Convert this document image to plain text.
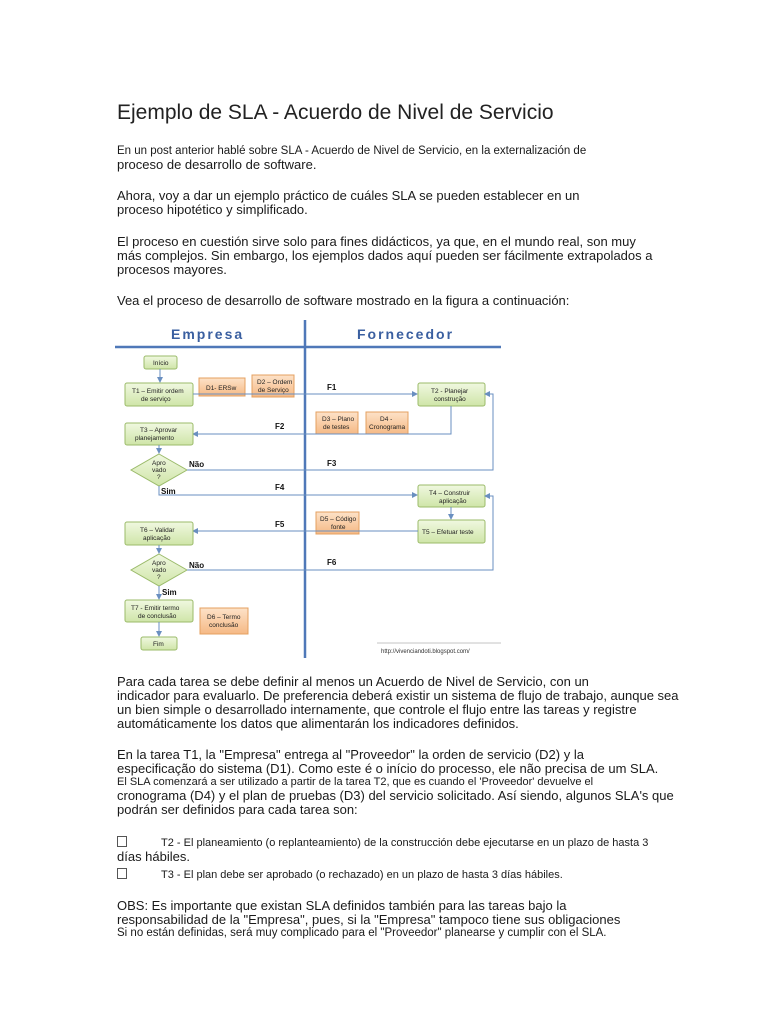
Ejemplo de SLA - Acuerdo de Nivel de Servicio
En un post anterior hablé sobre SLA - Acuerdo de Nivel de Servicio, en la externalización de
proceso de desarrollo de software.
Ahora, voy a dar un ejemplo práctico de cuáles SLA se pueden establecer en un
proceso hipotético y simplificado.
El proceso en cuestión sirve solo para fines didácticos, ya que, en el mundo real, son muy
más complejos. Sin embargo, los ejemplos dados aquí pueden ser fácilmente extrapolados a
procesos mayores.
Vea el proceso de desarrollo de software mostrado en la figura a continuación:
Empresa	Fornecedor
Início
T1 – Emitir ordem
de serviço
D1- ERSw
D2 – Ordem
de Serviço	F1	T2 - Planejar
construção
D3 – Plano
de testes
D4 -
Cronograma
F2
T3 – Aprovar
planejamento
Apro
vado
?
Não	F3
Sim	F4
T4 – Construir
aplicação
D5 – Código
fonte
T5 – Efetuar teste
F5
T6 – Validar
aplicação
Apro
vado
?
Não	F6
Sim
T7 - Emitir termo
de conclusão	D6 – Termo
conclusão
Fim
http://vivenciandoti.blogspot.com/
Para cada tarea se debe definir al menos un Acuerdo de Nivel de Servicio, con un
indicador para evaluarlo. De preferencia deberá existir un sistema de flujo de trabajo, aunque sea
un bien simple o desarrollado internamente, que controle el flujo entre las tareas y registre
automáticamente los datos que alimentarán los indicadores definidos.
En la tarea T1, la "Empresa" entrega al "Proveedor" la orden de servicio (D2) y la
especificação do sistema (D1). Como este é o início do processo, ele não precisa de um SLA.
El SLA comenzará a ser utilizado a partir de la tarea T2, que es cuando el 'Proveedor' devuelve el
cronograma (D4) y el plan de pruebas (D3) del servicio solicitado. Así siendo, algunos SLA's que
podrán ser definidos para cada tarea son:
T2 - El planeamiento (o replanteamiento) de la construcción debe ejecutarse en un plazo de hasta 3
días hábiles.
T3 - El plan debe ser aprobado (o rechazado) en un plazo de hasta 3 días hábiles.
OBS: Es importante que existan SLA definidos también para las tareas bajo la
responsabilidad de la "Empresa", pues, si la "Empresa" tampoco tiene sus obligaciones
Si no están definidas, será muy complicado para el "Proveedor" planearse y cumplir con el SLA.
